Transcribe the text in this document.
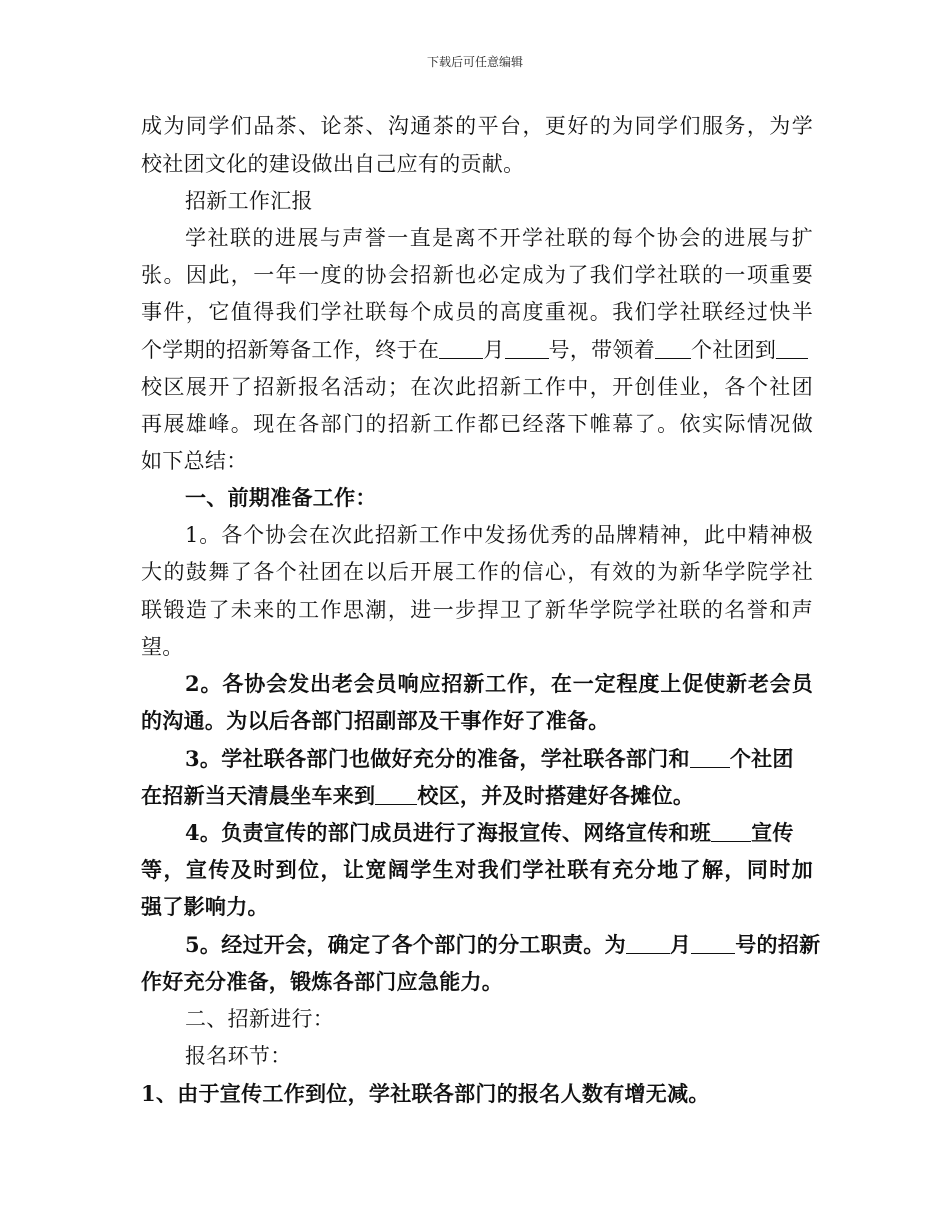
下载后可任意编辑
成为同学们品茶、论茶、沟通茶的平台，更好的为同学们服务，为学
校社团文化的建设做出自己应有的贡献。
招新工作汇报
学社联的进展与声誉一直是离不开学社联的每个协会的进展与扩
张。因此，一年一度的协会招新也必定成为了我们学社联的一项重要
事件，它值得我们学社联每个成员的高度重视。我们学社联经过快半
个学期的招新筹备工作，终于在 月 号，带领着 个社团到
校区展开了招新报名活动；在次此招新工作中，开创佳业，各个社团
再展雄峰。现在各部门的招新工作都已经落下帷幕了。依实际情况做
如下总结：
一、前期准备工作：
1。各个协会在次此招新工作中发扬优秀的品牌精神，此中精神极
大的鼓舞了各个社团在以后开展工作的信心，有效的为新华学院学社
联锻造了未来的工作思潮，进一步捍卫了新华学院学社联的名誉和声
望。
2。各协会发出老会员响应招新工作，在一定程度上促使新老会员
的沟通。为以后各部门招副部及干事作好了准备。
3。学社联各部门也做好充分的准备，学社联各部门和 个社团
在招新当天清晨坐车来到 校区，并及时搭建好各摊位。
4。负责宣传的部门成员进行了海报宣传、网络宣传和班 宣传
等，宣传及时到位，让宽阔学生对我们学社联有充分地了解，同时加
强了影响力。
5。经过开会，确定了各个部门的分工职责。为 月 号的招新
作好充分准备，锻炼各部门应急能力。
二、招新进行：
报名环节：
1、由于宣传工作到位，学社联各部门的报名人数有增无减。
